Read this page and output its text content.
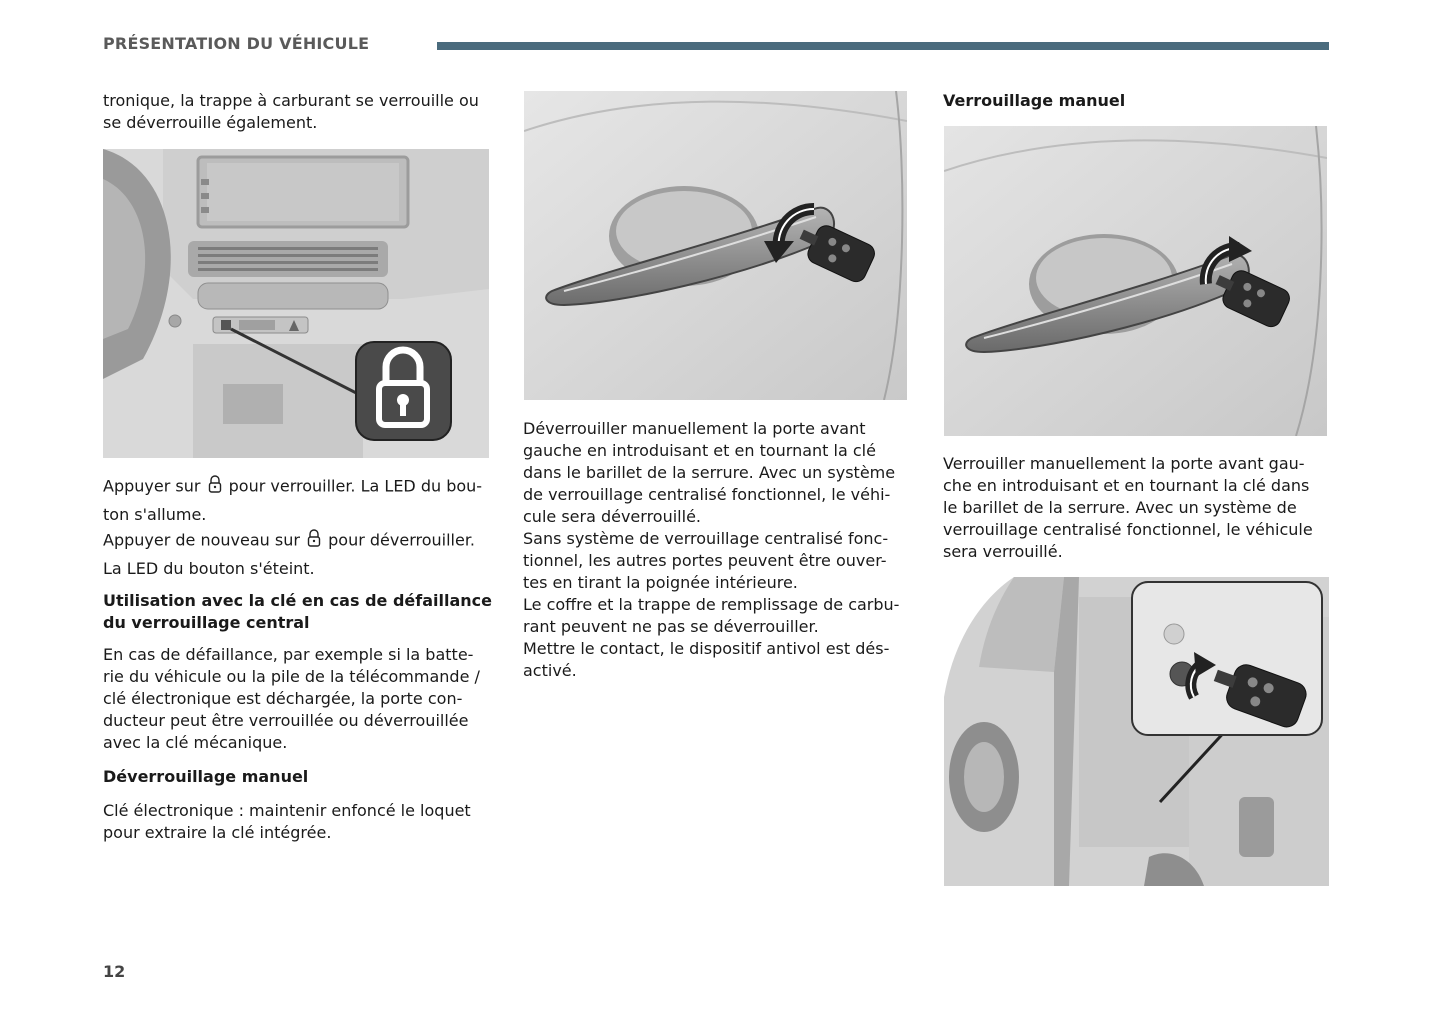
PRÉSENTATION DU VÉHICULE

tronique, la trappe à carburant se verrouille ou

se déverrouille également.

Appuyer sur pour verrouiller. La LED du bou-

ton s'allume.

Appuyer de nouveau sur pour déverrouiller.

La LED du bouton s'éteint.

Utilisation avec la clé en cas de défaillance

du verrouillage central

En cas de défaillance, par exemple si la batte-

rie du véhicule ou la pile de la télécommande /

clé électronique est déchargée, la porte con-

ducteur peut être verrouillée ou déverrouillée

avec la clé mécanique.

Déverrouillage manuel

Clé électronique : maintenir enfoncé le loquet

pour extraire la clé intégrée.

Déverrouiller manuellement la porte avant

gauche en introduisant et en tournant la clé

dans le barillet de la serrure. Avec un système

de verrouillage centralisé fonctionnel, le véhi-

cule sera déverrouillé.

Sans système de verrouillage centralisé fonc-

tionnel, les autres portes peuvent être ouver-

tes en tirant la poignée intérieure.

Le coffre et la trappe de remplissage de carbu-

rant peuvent ne pas se déverrouiller.

Mettre le contact, le dispositif antivol est dés-

activé.

Verrouillage manuel

Verrouiller manuellement la porte avant gau-

che en introduisant et en tournant la clé dans

le barillet de la serrure. Avec un système de

verrouillage centralisé fonctionnel, le véhicule

sera verrouillé.

12
